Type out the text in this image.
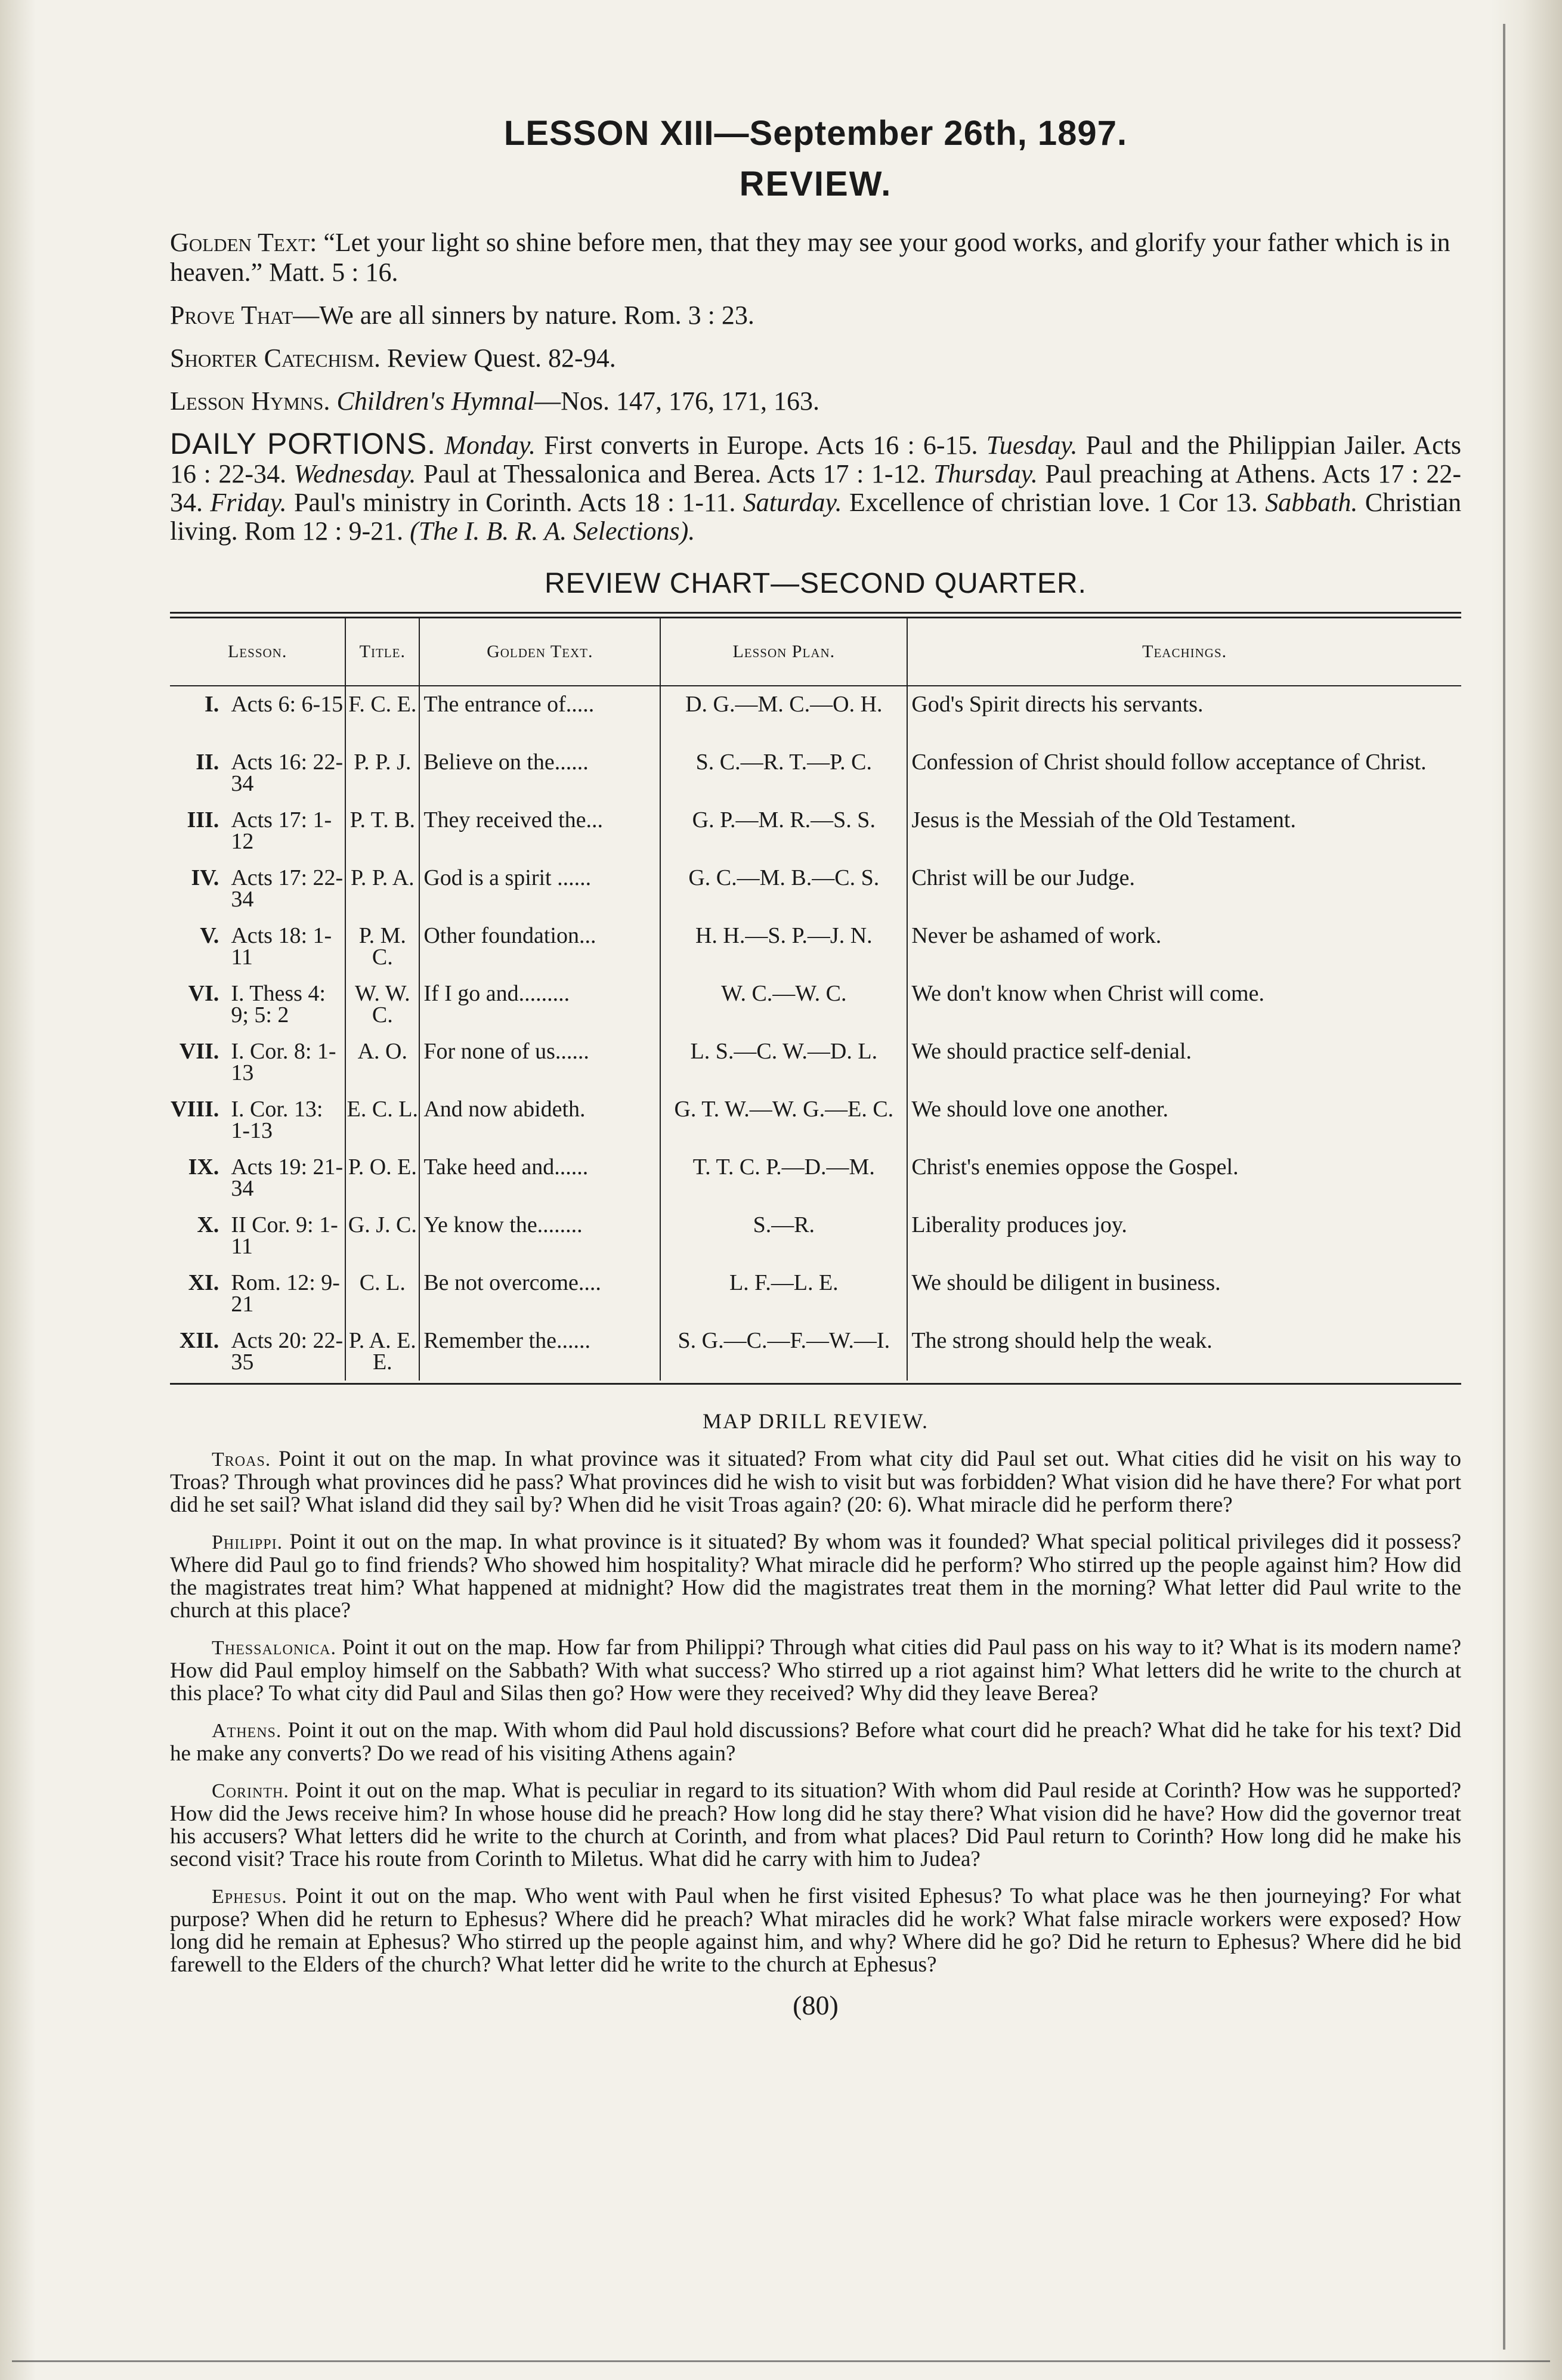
LESSON XIII—September 26th, 1897.
REVIEW.
Golden Text: “Let your light so shine before men, that they may see your good works, and glorify your father which is in heaven.” Matt. 5 : 16.
Prove That—We are all sinners by nature. Rom. 3 : 23.
Shorter Catechism. Review Quest. 82-94.
Lesson Hymns. Children's Hymnal—Nos. 147, 176, 171, 163.
DAILY PORTIONS. Monday. First converts in Europe. Acts 16 : 6-15. Tuesday. Paul and the Philippian Jailer. Acts 16 : 22-34. Wednesday. Paul at Thessalonica and Berea. Acts 17 : 1-12. Thursday. Paul preaching at Athens. Acts 17 : 22-34. Friday. Paul's ministry in Corinth. Acts 18 : 1-11. Saturday. Excellence of christian love. 1 Cor 13. Sabbath. Christian living. Rom 12 : 9-21. (The I. B. R. A. Selections).
REVIEW CHART—SECOND QUARTER.
Lesson.		Title.	Golden Text.	Lesson Plan.	Teachings.
I.	Acts 6: 6-15	F. C. E.	The entrance of.....	D. G.—M. C.—O. H.	God's Spirit directs his servants.
II.	Acts 16: 22-34	P. P. J.	Believe on the......	S. C.—R. T.—P. C.	Confession of Christ should follow acceptance of Christ.
III.	Acts 17: 1-12	P. T. B.	They received the...	G. P.—M. R.—S. S.	Jesus is the Messiah of the Old Testament.
IV.	Acts 17: 22-34	P. P. A.	God is a spirit ......	G. C.—M. B.—C. S.	Christ will be our Judge.
V.	Acts 18: 1-11	P. M. C.	Other foundation...	H. H.—S. P.—J. N.	Never be ashamed of work.
VI.	I. Thess 4: 9; 5: 2	W. W. C.	If I go and.........	W. C.—W. C.	We don't know when Christ will come.
VII.	I. Cor. 8: 1-13	A. O.	For none of us......	L. S.—C. W.—D. L.	We should practice self-denial.
VIII.	I. Cor. 13: 1-13	E. C. L.	And now abideth.	G. T. W.—W. G.—E. C.	We should love one another.
IX.	Acts 19: 21-34	P. O. E.	Take heed and......	T. T. C. P.—D.—M.	Christ's enemies oppose the Gospel.
X.	II Cor. 9: 1-11	G. J. C.	Ye know the........	S.—R.	Liberality produces joy.
XI.	Rom. 12: 9-21	C. L.	Be not overcome....	L. F.—L. E.	We should be diligent in business.
XII.	Acts 20: 22-35	P. A. E. E.	Remember the......	S. G.—C.—F.—W.—I.	The strong should help the weak.
MAP DRILL REVIEW.
Troas. Point it out on the map. In what province was it situated? From what city did Paul set out. What cities did he visit on his way to Troas? Through what provinces did he pass? What provinces did he wish to visit but was forbidden? What vision did he have there? For what port did he set sail? What island did they sail by? When did he visit Troas again? (20: 6). What miracle did he perform there?
Philippi. Point it out on the map. In what province is it situated? By whom was it founded? What special political privileges did it possess? Where did Paul go to find friends? Who showed him hospitality? What miracle did he perform? Who stirred up the people against him? How did the magistrates treat him? What happened at midnight? How did the magistrates treat them in the morning? What letter did Paul write to the church at this place?
Thessalonica. Point it out on the map. How far from Philippi? Through what cities did Paul pass on his way to it? What is its modern name? How did Paul employ himself on the Sabbath? With what success? Who stirred up a riot against him? What letters did he write to the church at this place? To what city did Paul and Silas then go? How were they received? Why did they leave Berea?
Athens. Point it out on the map. With whom did Paul hold discussions? Before what court did he preach? What did he take for his text? Did he make any converts? Do we read of his visiting Athens again?
Corinth. Point it out on the map. What is peculiar in regard to its situation? With whom did Paul reside at Corinth? How was he supported? How did the Jews receive him? In whose house did he preach? How long did he stay there? What vision did he have? How did the governor treat his accusers? What letters did he write to the church at Corinth, and from what places? Did Paul return to Corinth? How long did he make his second visit? Trace his route from Corinth to Miletus. What did he carry with him to Judea?
Ephesus. Point it out on the map. Who went with Paul when he first visited Ephesus? To what place was he then journeying? For what purpose? When did he return to Ephesus? Where did he preach? What miracles did he work? What false miracle workers were exposed? How long did he remain at Ephesus? Who stirred up the people against him, and why? Where did he go? Did he return to Ephesus? Where did he bid farewell to the Elders of the church? What letter did he write to the church at Ephesus?
(80)
